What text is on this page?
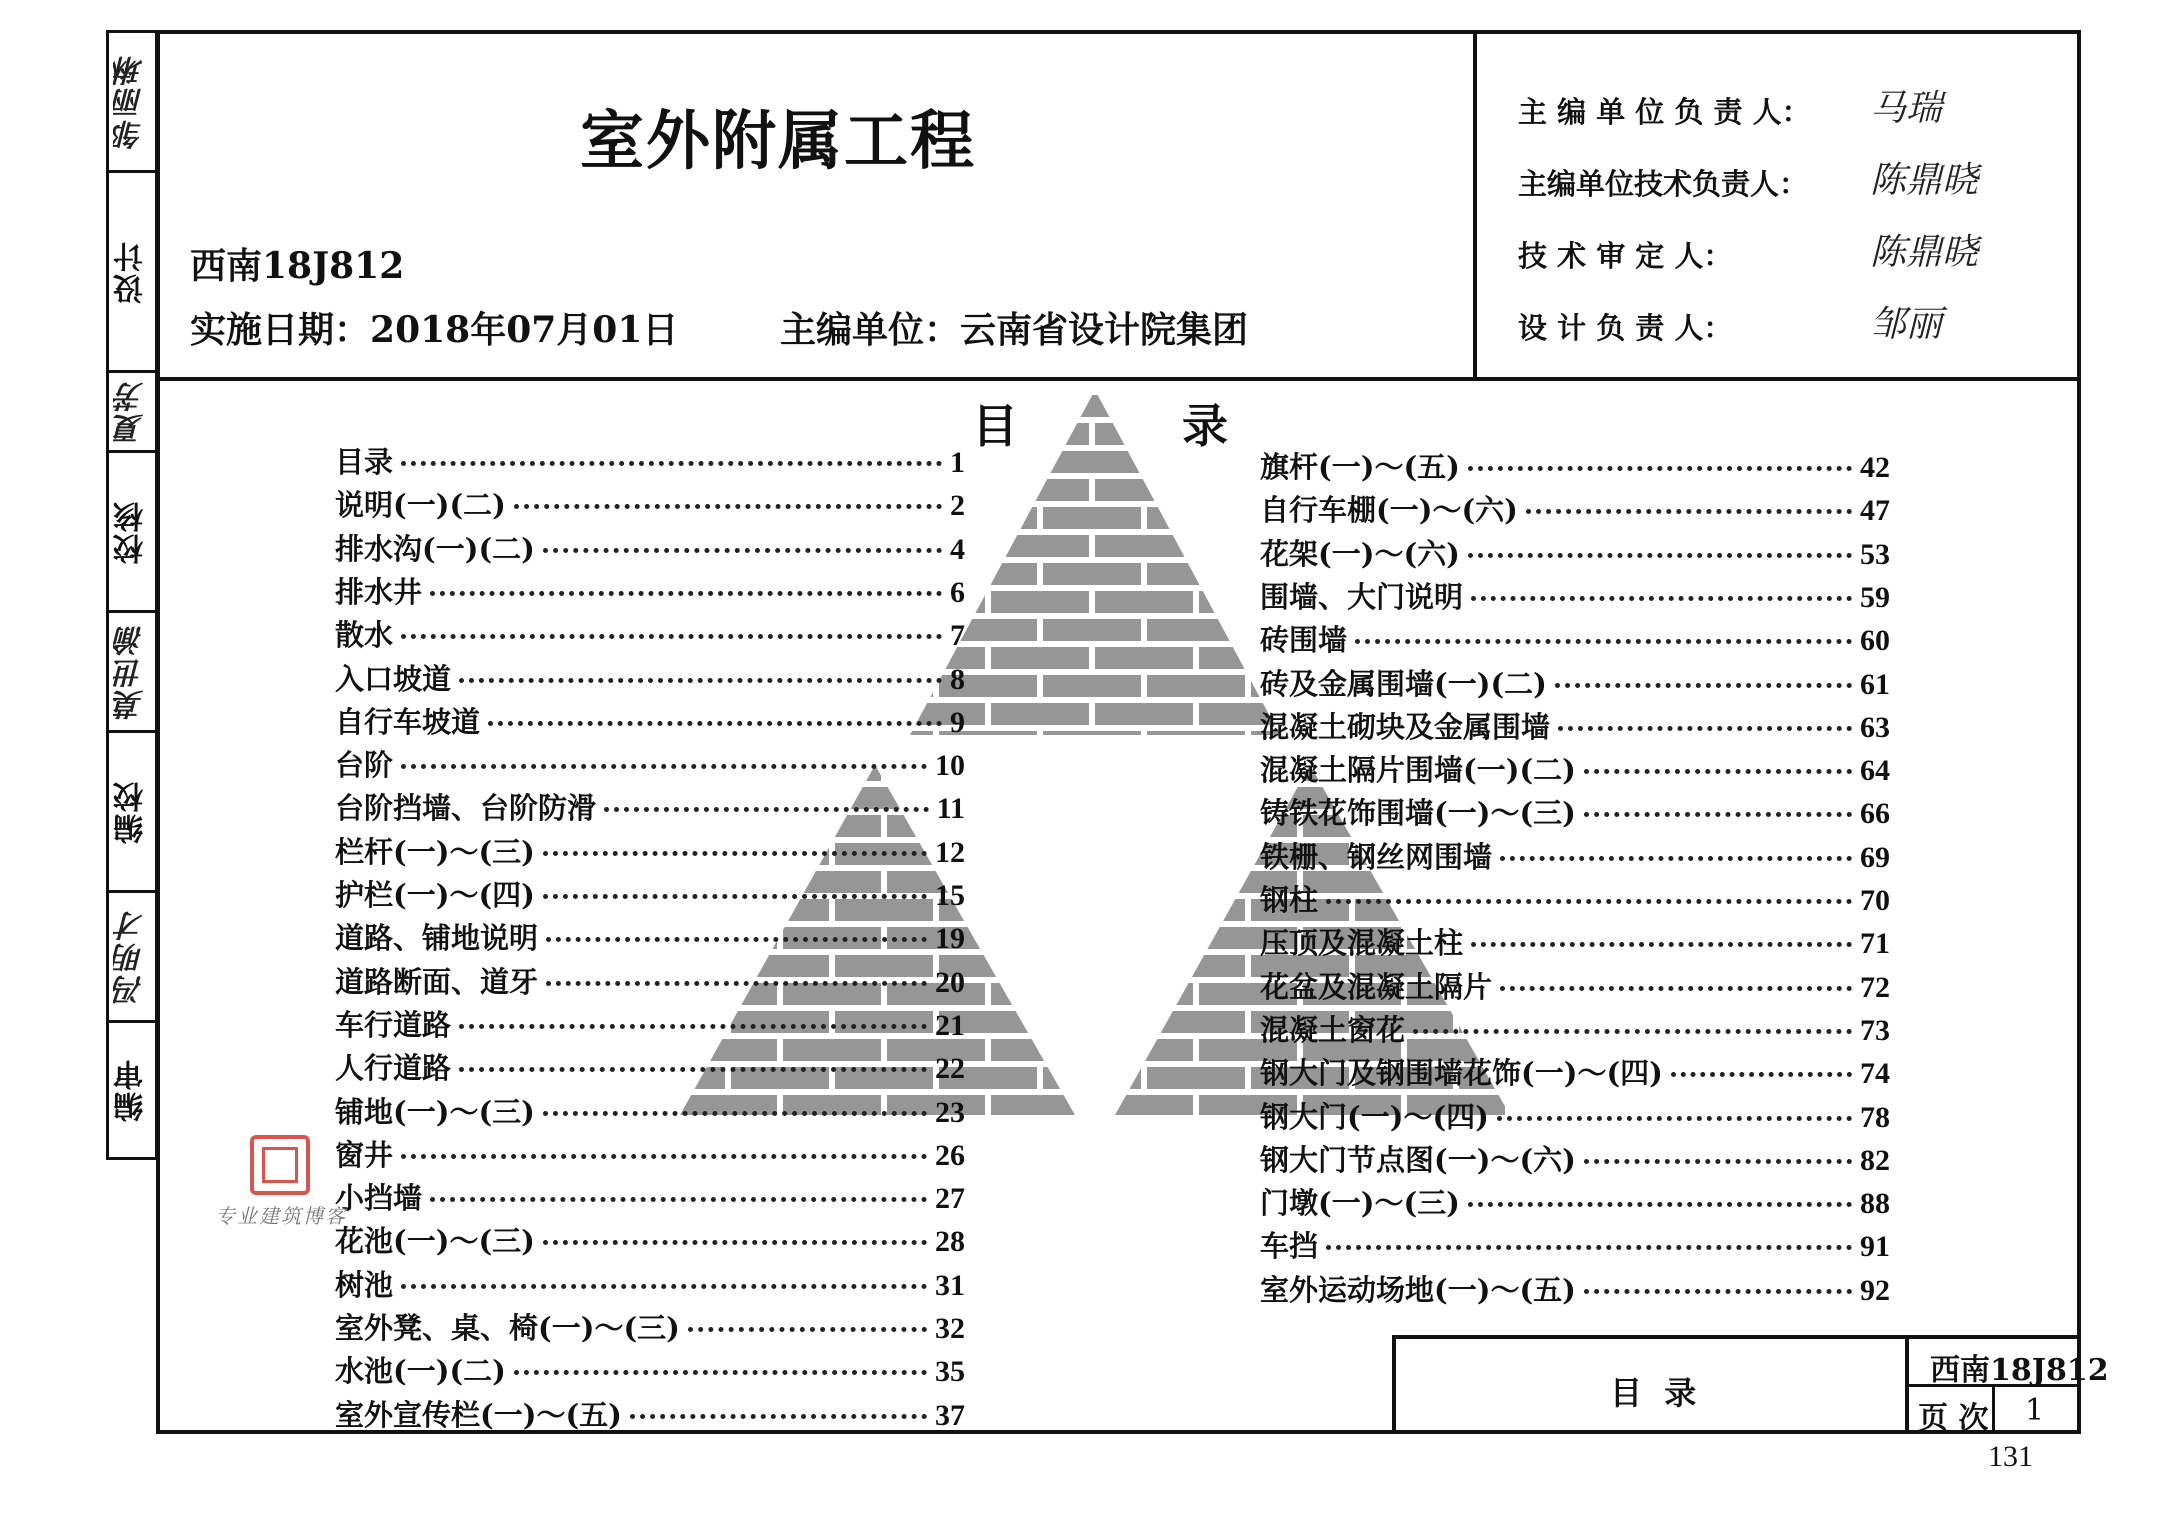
邹丽琳
设计
夏芳
校核
莫世渝
编校
冯明才
编审
室外附属工程
西南18J812
实施日期：2018年07月01日	主编单位：云南省设计院集团
主 编 单 位 负 责 人： 马瑞
主编单位技术负责人： 陈鼎晓
技 术 审 定 人：	陈鼎晓
设 计 负 责 人：	邹丽
目	录
目录	1
说明(一)(二)	2
排水沟(一)(二)	4
排水井	6
散水	7
入口坡道	8
自行车坡道	9
台阶	10
台阶挡墙、台阶防滑	11
栏杆(一)～(三)	12
护栏(一)～(四)	15
道路、铺地说明	19
道路断面、道牙	20
车行道路	21
人行道路	22
铺地(一)～(三)	23
窗井	26
小挡墙	27
花池(一)～(三)	28
树池	31
室外凳、桌、椅(一)～(三)	32
水池(一)(二)	35
室外宣传栏(一)～(五)	37
旗杆(一)～(五)	42
自行车棚(一)～(六)	47
花架(一)～(六)	53
围墙、大门说明	59
砖围墙	60
砖及金属围墙(一)(二)	61
混凝土砌块及金属围墙	63
混凝土隔片围墙(一)(二)	64
铸铁花饰围墙(一)～(三)	66
铁栅、钢丝网围墙	69
钢柱	70
压顶及混凝土柱	71
花盆及混凝土隔片	72
混凝土窗花	73
钢大门及钢围墙花饰(一)～(四)	74
钢大门(一)～(四)	78
钢大门节点图(一)～(六)	82
门墩(一)～(三)	88
车挡	91
室外运动场地(一)～(五)	92
专业建筑博客
目  录
西南18J812
页 次 1
131
